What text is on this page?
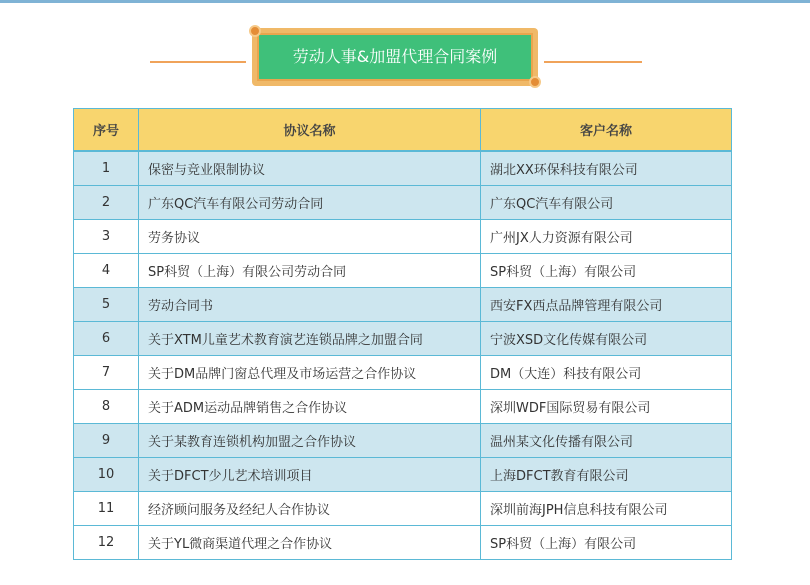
劳动人事&加盟代理合同案例
序号	协议名称	客户名称
1	保密与竞业限制协议	湖北XX环保科技有限公司
2	广东QC汽车有限公司劳动合同	广东QC汽车有限公司
3	劳务协议	广州JX人力资源有限公司
4	SP科贸（上海）有限公司劳动合同	SP科贸（上海）有限公司
5	劳动合同书	西安FX西点品牌管理有限公司
6	关于XTM儿童艺术教育演艺连锁品牌之加盟合同	宁波XSD文化传媒有限公司
7	关于DM品牌门窗总代理及市场运营之合作协议	DM（大连）科技有限公司
8	关于ADM运动品牌销售之合作协议	深圳WDF国际贸易有限公司
9	关于某教育连锁机构加盟之合作协议	温州某文化传播有限公司
10	关于DFCT少儿艺术培训项目	上海DFCT教育有限公司
11	经济顾问服务及经纪人合作协议	深圳前海JPH信息科技有限公司
12	关于YL微商渠道代理之合作协议	SP科贸（上海）有限公司
